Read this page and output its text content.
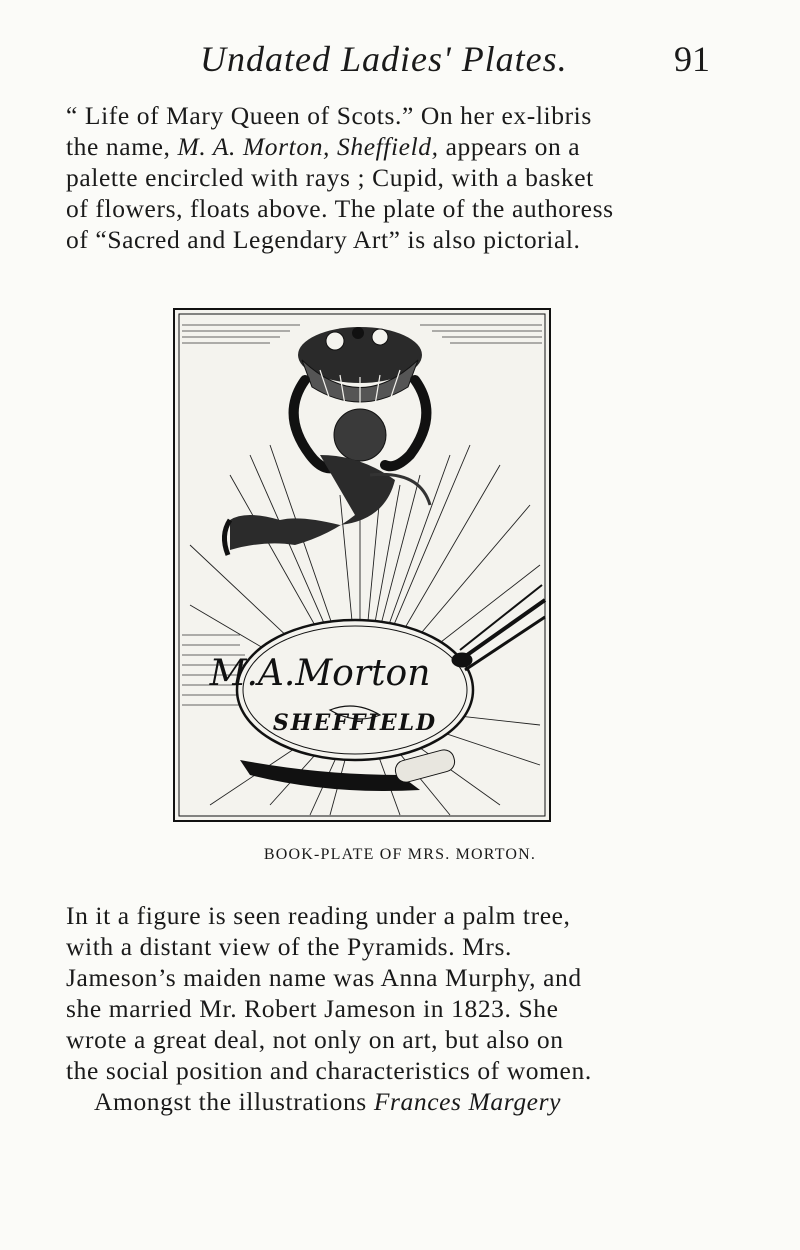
Undated Ladies' Plates.	91

“ Life of Mary Queen of Scots.” On her ex-libris
the name, M. A. Morton, Sheffield, appears on a
palette encircled with rays ; Cupid, with a basket
of flowers, floats above. The plate of the authoress
of “Sacred and Legendary Art” is also pictorial.

M.A.Morton
SHEFFIELD
BOOK-PLATE OF MRS. MORTON.

In it a figure is seen reading under a palm tree,
with a distant view of the Pyramids. Mrs.
Jameson’s maiden name was Anna Murphy, and
she married Mr. Robert Jameson in 1823. She
wrote a great deal, not only on art, but also on
the social position and characteristics of women.
Amongst the illustrations Frances Margery
